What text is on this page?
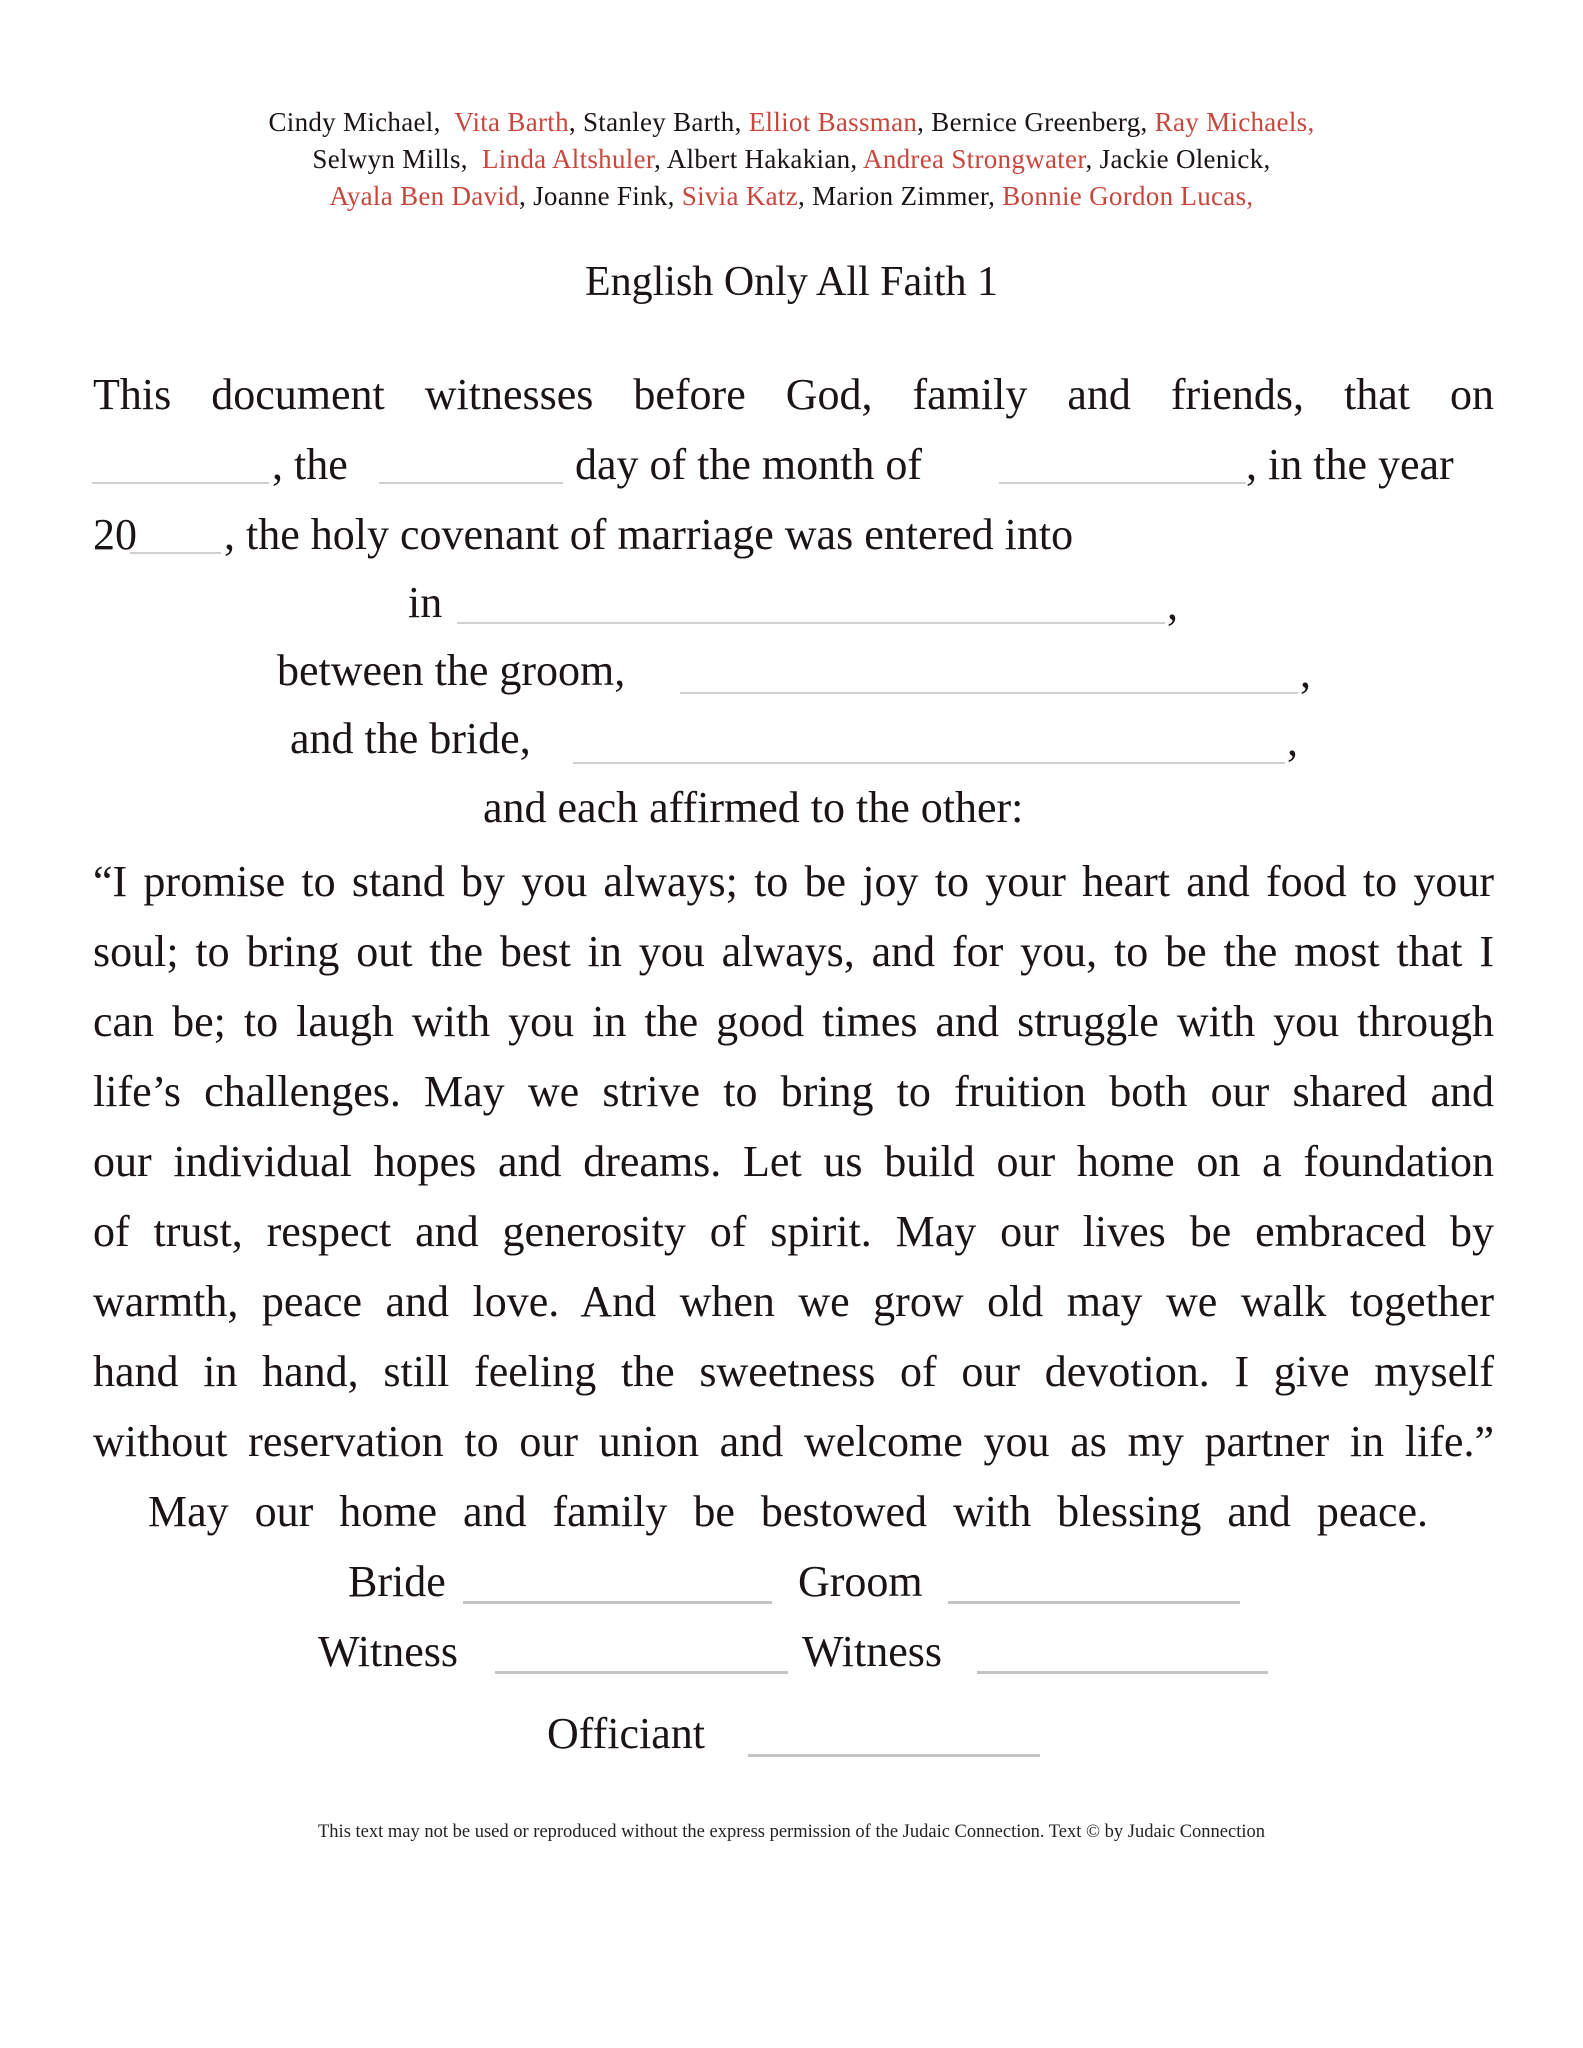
Cindy Michael,  Vita Barth, Stanley Barth, Elliot Bassman, Bernice Greenberg, Ray Michaels,
Selwyn Mills,  Linda Altshuler, Albert Hakakian, Andrea Strongwater, Jackie Olenick,
Ayala Ben David, Joanne Fink, Sivia Katz, Marion Zimmer, Bonnie Gordon Lucas,
English Only All Faith 1
This document witnesses before God, family and friends, that on
, the	day of the month of	, in the year
20 , the holy covenant of marriage was entered into
in	,
between the groom,	,
and the bride,	,
and each affirmed to the other:
“I promise to stand by you always; to be joy to your heart and food to your
soul; to bring out the best in you always, and for you, to be the most that I
can be; to laugh with you in the good times and struggle with you through
life’s challenges. May we strive to bring to fruition both our shared and
our individual hopes and dreams. Let us build our home on a foundation
of trust, respect and generosity of spirit. May our lives be embraced by
warmth, peace and love. And when we grow old may we walk together
hand in hand, still feeling the sweetness of our devotion. I give myself
without reservation to our union and welcome you as my partner in life.”
May our home and family be bestowed with blessing and peace.
Bride	Groom
Witness	Witness
Officiant
This text may not be used or reproduced without the express permission of the Judaic Connection. Text © by Judaic Connection
